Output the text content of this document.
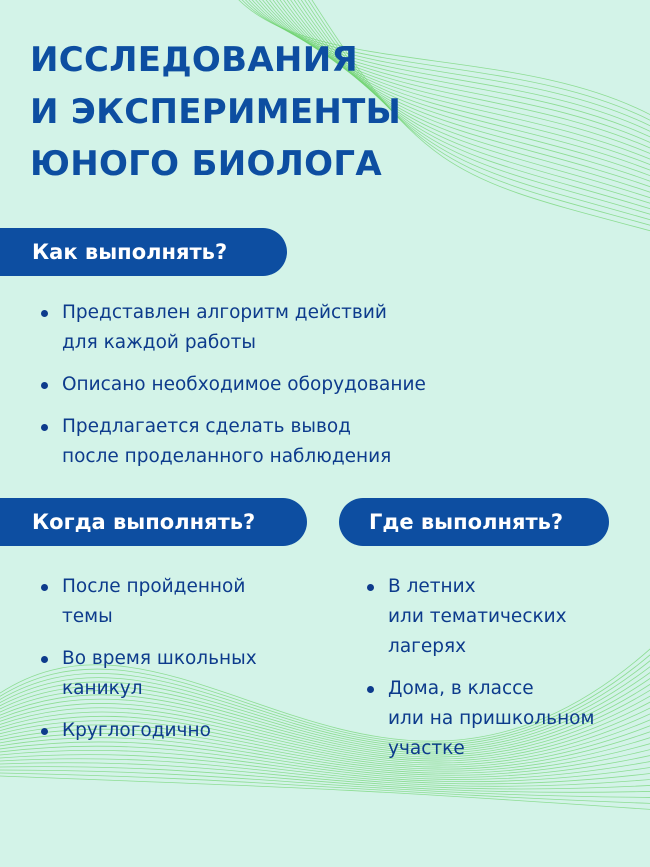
ИССЛЕДОВАНИЯ
И ЭКСПЕРИМЕНТЫ
ЮНОГО БИОЛОГА
Как выполнять?
Представлен алгоритм действий
для каждой работы
Описано необходимое оборудование
Предлагается сделать вывод
после проделанного наблюдения
Когда выполнять?
После пройденной
темы
Во время школьных
каникул
Круглогодично
Где выполнять?
В летних
или тематических
лагерях
Дома, в классе
или на пришкольном
участке
